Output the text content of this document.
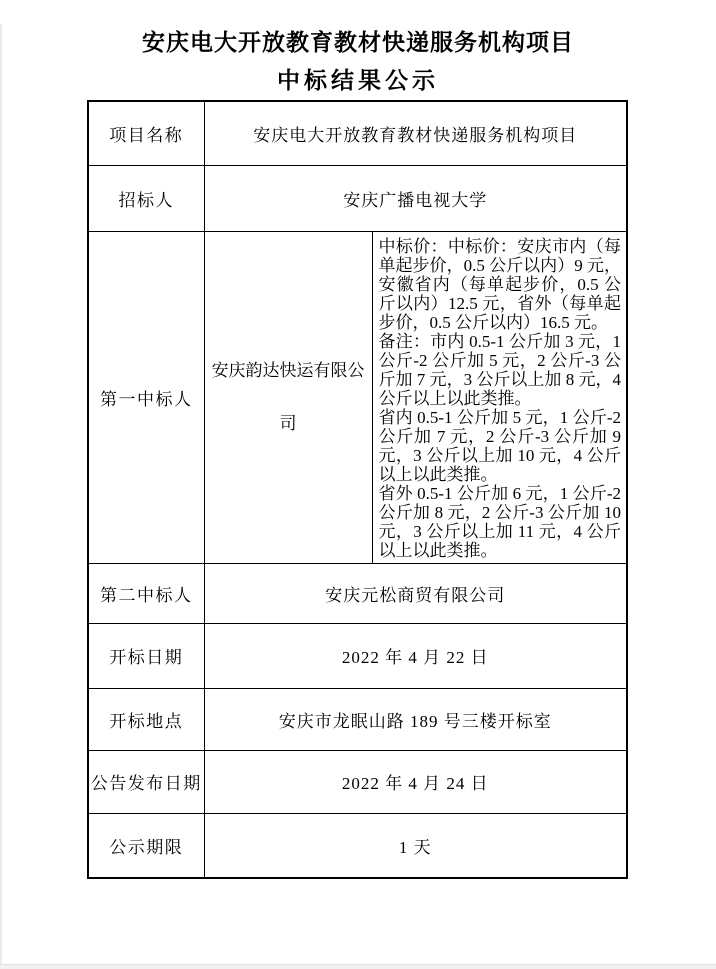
安庆电大开放教育教材快递服务机构项目
中标结果公示
项目名称	安庆电大开放教育教材快递服务机构项目	
招标人	安庆广播电视大学	
第一中标人	安庆韵达快运有限公司	中标价：中标价：安庆市内（每单起步价，0.5 公斤以内）9 元，安徽省内（每单起步价，0.5 公斤以内）12.5 元，省外（每单起步价，0.5 公斤以内）16.5 元。

备注：市内 0.5-1 公斤加 3 元，1 公斤-2 公斤加 5 元，2 公斤-3 公斤加 7 元，3 公斤以上加 8 元，4 公斤以上以此类推。

省内 0.5-1 公斤加 5 元，1 公斤-2 公斤加 7 元，2 公斤-3 公斤加 9 元，3 公斤以上加 10 元，4 公斤以上以此类推。

省外 0.5-1 公斤加 6 元，1 公斤-2 公斤加 8 元，2 公斤-3 公斤加 10 元，3 公斤以上加 11 元，4 公斤以上以此类推。

第二中标人	安庆元松商贸有限公司	
开标日期	2022 年 4 月 22 日	
开标地点	安庆市龙眠山路 189 号三楼开标室	
公告发布日期	2022 年 4 月 24 日	
公示期限	1 天	
